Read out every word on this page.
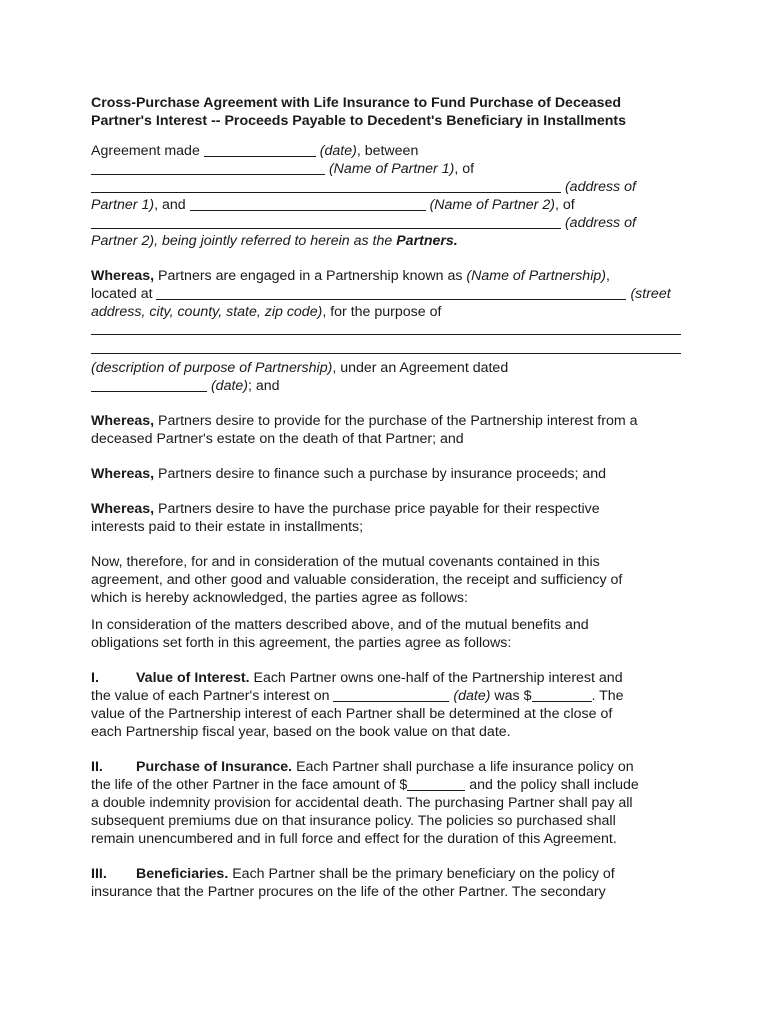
Cross-Purchase Agreement with Life Insurance to Fund Purchase of Deceased
Partner's Interest -- Proceeds Payable to Decedent's Beneficiary in Installments
Agreement made	(date), between
(Name of Partner 1), of
(address of
Partner 1), and	(Name of Partner 2), of
(address of
Partner 2), being jointly referred to herein as the Partners.
Whereas, Partners are engaged in a Partnership known as (Name of Partnership),
located at	(street
address, city, county, state, zip code), for the purpose of
(description of purpose of Partnership), under an Agreement dated
(date); and
Whereas, Partners desire to provide for the purchase of the Partnership interest from a
deceased Partner's estate on the death of that Partner; and
Whereas, Partners desire to finance such a purchase by insurance proceeds; and
Whereas, Partners desire to have the purchase price payable for their respective
interests paid to their estate in installments;
Now, therefore, for and in consideration of the mutual covenants contained in this
agreement, and other good and valuable consideration, the receipt and sufficiency of
which is hereby acknowledged, the parties agree as follows:
In consideration of the matters described above, and of the mutual benefits and
obligations set forth in this agreement, the parties agree as follows:
I.	Value of Interest. Each Partner owns one-half of the Partnership interest and
the value of each Partner's interest on	(date) was $	. The
value of the Partnership interest of each Partner shall be determined at the close of
each Partnership fiscal year, based on the book value on that date.
II. Purchase of Insurance. Each Partner shall purchase a life insurance policy on
the life of the other Partner in the face amount of $	and the policy shall include
a double indemnity provision for accidental death. The purchasing Partner shall pay all
subsequent premiums due on that insurance policy. The policies so purchased shall
remain unencumbered and in full force and effect for the duration of this Agreement.
III. Beneficiaries. Each Partner shall be the primary beneficiary on the policy of
insurance that the Partner procures on the life of the other Partner. The secondary
